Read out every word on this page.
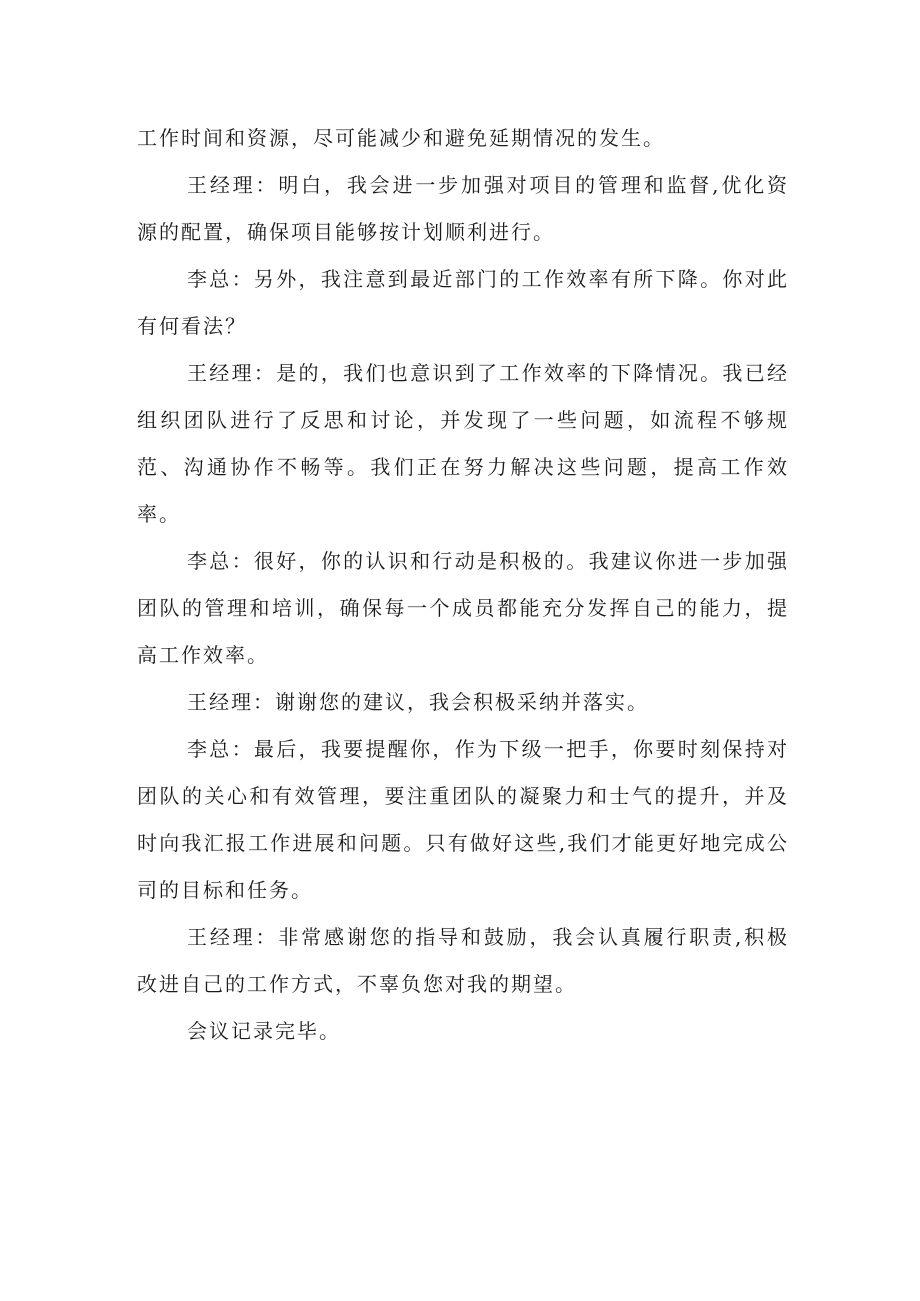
工作时间和资源，尽可能减少和避免延期情况的发生。

王经理：明白，我会进一步加强对项目的管理和监督,优化资源的配置，确保项目能够按计划顺利进行。

李总：另外，我注意到最近部门的工作效率有所下降。你对此有何看法？

王经理：是的，我们也意识到了工作效率的下降情况。我已经组织团队进行了反思和讨论，并发现了一些问题，如流程不够规范、沟通协作不畅等。我们正在努力解决这些问题，提高工作效率。

李总：很好，你的认识和行动是积极的。我建议你进一步加强团队的管理和培训，确保每一个成员都能充分发挥自己的能力，提高工作效率。

王经理：谢谢您的建议，我会积极采纳并落实。

李总：最后，我要提醒你，作为下级一把手，你要时刻保持对团队的关心和有效管理，要注重团队的凝聚力和士气的提升，并及时向我汇报工作进展和问题。只有做好这些,我们才能更好地完成公司的目标和任务。

王经理：非常感谢您的指导和鼓励，我会认真履行职责,积极改进自己的工作方式，不辜负您对我的期望。

会议记录完毕。
